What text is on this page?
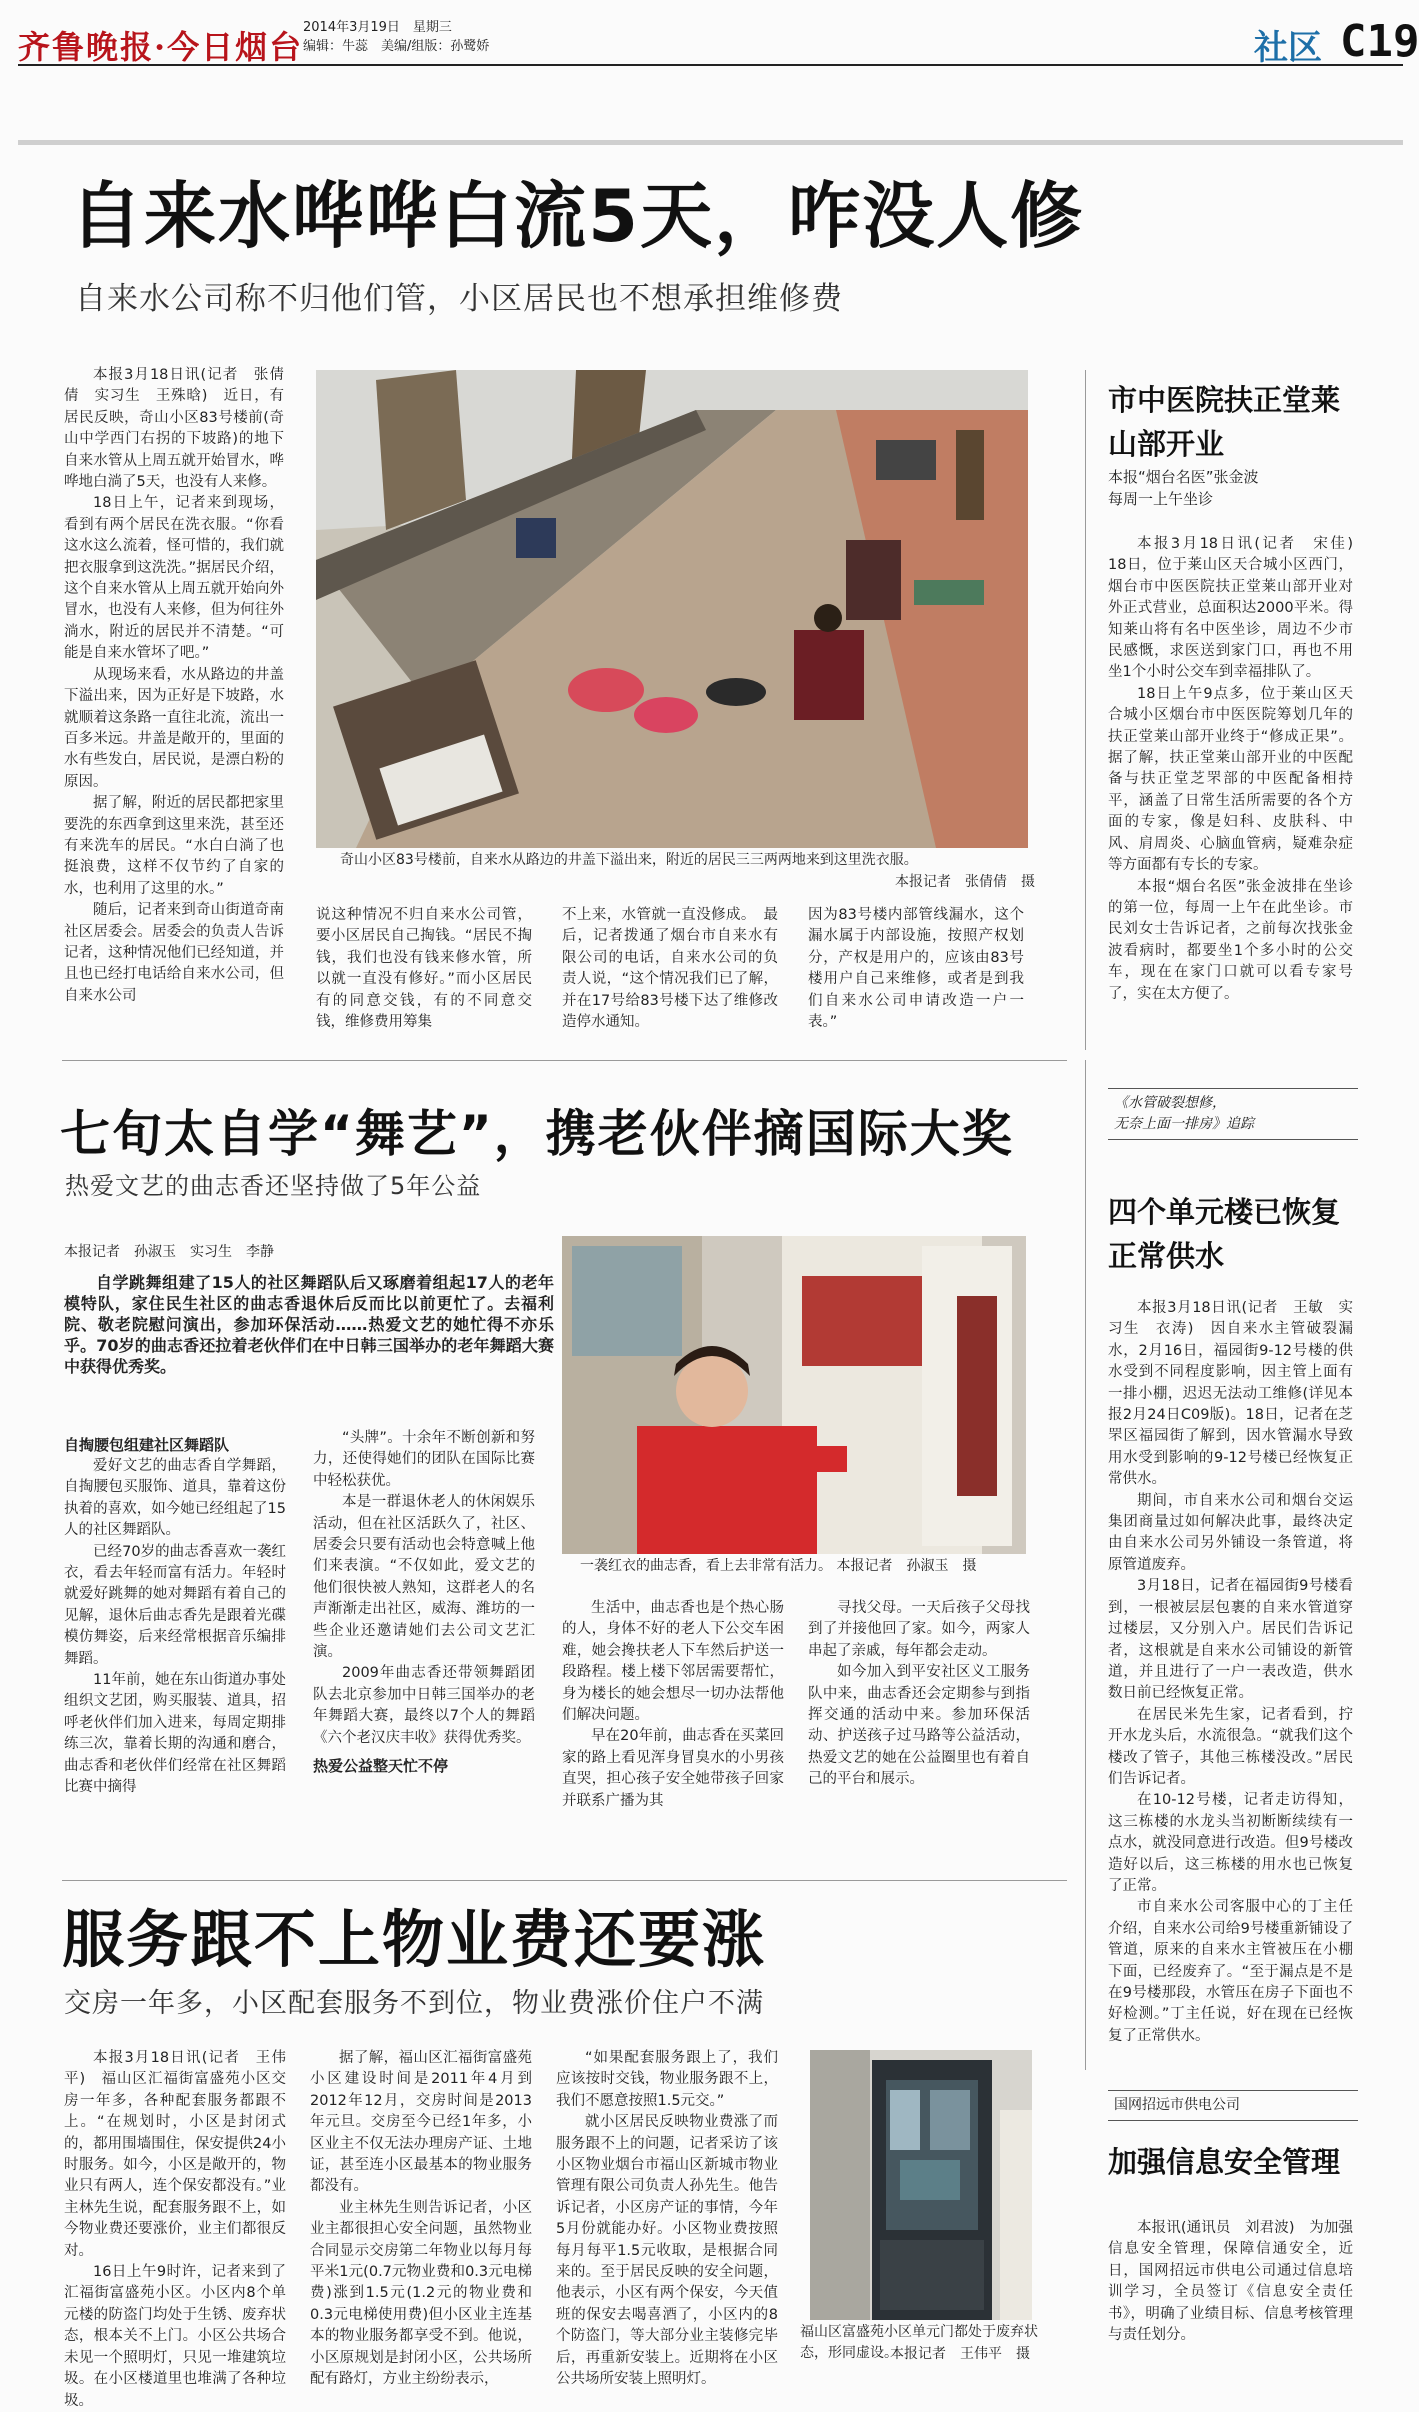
齐鲁晚报·今日烟台
2014年3月19日　星期三
编辑：牛蕊　美编/组版：孙鹭娇	社区 C19
自来水哗哗白流5天，咋没人修
自来水公司称不归他们管，小区居民也不想承担维修费

本报3月18日讯(记者　张倩倩　实习生　王殊晗)　近日，有居民反映，奇山小区83号楼前(奇山中学西门右拐的下坡路)的地下自来水管从上周五就开始冒水，哗哗地白淌了5天，也没有人来修。

18日上午，记者来到现场，看到有两个居民在洗衣服。“你看这水这么流着，怪可惜的，我们就把衣服拿到这洗洗。”据居民介绍，这个自来水管从上周五就开始向外冒水，也没有人来修，但为何往外淌水，附近的居民并不清楚。“可能是自来水管坏了吧。”

从现场来看，水从路边的井盖下溢出来，因为正好是下坡路，水就顺着这条路一直往北流，流出一百多米远。井盖是敞开的，里面的水有些发白，居民说，是漂白粉的原因。

据了解，附近的居民都把家里要洗的东西拿到这里来洗，甚至还有来洗车的居民。“水白白淌了也挺浪费，这样不仅节约了自家的水，也利用了这里的水。”

随后，记者来到奇山街道奇南社区居委会。居委会的负责人告诉记者，这种情况他们已经知道，并且也已经打电话给自来水公司，但自来水公司

奇山小区83号楼前，自来水从路边的井盖下溢出来，附近的居民三三两两地来到这里洗衣服。
本报记者　张倩倩　摄
说这种情况不归自来水公司管，要小区居民自己掏钱。“居民不掏钱，我们也没有钱来修水管，所以就一直没有修好。”而小区居民有的同意交钱，有的不同意交钱，维修费用筹集
不上来，水管就一直没修成。　最后，记者拨通了烟台市自来水有限公司的电话，自来水公司的负责人说，“这个情况我们已了解，并在17号给83号楼下达了维修改造停水通知。
因为83号楼内部管线漏水，这个漏水属于内部设施，按照产权划分，产权是用户的，应该由83号楼用户自己来维修，或者是到我们自来水公司申请改造一户一表。”
市中医院扶正堂莱山部开业
本报“烟台名医”张金波
每周一上午坐诊

本报3月18日讯(记者　宋佳)　18日，位于莱山区天合城小区西门，烟台市中医医院扶正堂莱山部开业对外正式营业，总面积达2000平米。得知莱山将有名中医坐诊，周边不少市民感慨，求医送到家门口，再也不用坐1个小时公交车到幸福排队了。

18日上午9点多，位于莱山区天合城小区烟台市中医医院筹划几年的扶正堂莱山部开业终于“修成正果”。据了解，扶正堂莱山部开业的中医配备与扶正堂芝罘部的中医配备相持平，涵盖了日常生活所需要的各个方面的专家，像是妇科、皮肤科、中风、肩周炎、心脑血管病，疑难杂症等方面都有专长的专家。

本报“烟台名医”张金波排在坐诊的第一位，每周一上午在此坐诊。市民刘女士告诉记者，之前每次找张金波看病时，都要坐1个多小时的公交车，现在在家门口就可以看专家号了，实在太方便了。

七旬太自学“舞艺”，携老伙伴摘国际大奖
热爱文艺的曲志香还坚持做了5年公益
本报记者　孙淑玉　实习生　李静

自学跳舞组建了15人的社区舞蹈队后又琢磨着组起17人的老年模特队，家住民生社区的曲志香退休后反而比以前更忙了。去福利院、敬老院慰问演出，参加环保活动……热爱文艺的她忙得不亦乐乎。70岁的曲志香还拉着老伙伴们在中日韩三国举办的老年舞蹈大赛中获得优秀奖。

自掏腰包组建社区舞蹈队

爱好文艺的曲志香自学舞蹈，自掏腰包买服饰、道具，靠着这份执着的喜欢，如今她已经组起了15人的社区舞蹈队。

已经70岁的曲志香喜欢一袭红衣，看去年轻而富有活力。年轻时就爱好跳舞的她对舞蹈有着自己的见解，退休后曲志香先是跟着光碟模仿舞姿，后来经常根据音乐编排舞蹈。

11年前，她在东山街道办事处组织文艺团，购买服装、道具，招呼老伙伴们加入进来，每周定期排练三次，靠着长期的沟通和磨合，曲志香和老伙伴们经常在社区舞蹈比赛中摘得

“头牌”。十余年不断创新和努力，还使得她们的团队在国际比赛中轻松获优。

本是一群退休老人的休闲娱乐活动，但在社区活跃久了，社区、居委会只要有活动也会特意喊上他们来表演。“不仅如此，爱文艺的他们很快被人熟知，这群老人的名声渐渐走出社区，威海、潍坊的一些企业还邀请她们去公司文艺汇演。

2009年曲志香还带领舞蹈团队去北京参加中日韩三国举办的老年舞蹈大赛，最终以7个人的舞蹈《六个老汉庆丰收》获得优秀奖。

热爱公益整天忙不停
一袭红衣的曲志香，看上去非常有活力。 本报记者　孙淑玉　摄

生活中，曲志香也是个热心肠的人，身体不好的老人下公交车困难，她会搀扶老人下车然后护送一段路程。楼上楼下邻居需要帮忙，身为楼长的她会想尽一切办法帮他们解决问题。

早在20年前，曲志香在买菜回家的路上看见浑身冒臭水的小男孩直哭，担心孩子安全她带孩子回家并联系广播为其

寻找父母。一天后孩子父母找到了并接他回了家。如今，两家人串起了亲戚，每年都会走动。

如今加入到平安社区义工服务队中来，曲志香还会定期参与到指挥交通的活动中来。参加环保活动、护送孩子过马路等公益活动，热爱文艺的她在公益圈里也有着自己的平台和展示。

《水管破裂想修，
无奈上面一排房》追踪
四个单元楼已恢复正常供水

本报3月18日讯(记者　王敏　实习生　衣涛)　因自来水主管破裂漏水，2月16日，福园街9-12号楼的供水受到不同程度影响，因主管上面有一排小棚，迟迟无法动工维修(详见本报2月24日C09版)。18日，记者在芝罘区福园街了解到，因水管漏水导致用水受到影响的9-12号楼已经恢复正常供水。

期间，市自来水公司和烟台交运集团商量过如何解决此事，最终决定由自来水公司另外铺设一条管道，将原管道废弃。

3月18日，记者在福园街9号楼看到，一根被层层包裹的自来水管道穿过楼层，又分别入户。居民们告诉记者，这根就是自来水公司铺设的新管道，并且进行了一户一表改造，供水数日前已经恢复正常。

在居民米先生家，记者看到，拧开水龙头后，水流很急。“就我们这个楼改了管子，其他三栋楼没改。”居民们告诉记者。

在10-12号楼，记者走访得知，这三栋楼的水龙头当初断断续续有一点水，就没同意进行改造。但9号楼改造好以后，这三栋楼的用水也已恢复了正常。

市自来水公司客服中心的丁主任介绍，自来水公司给9号楼重新铺设了管道，原来的自来水主管被压在小棚下面，已经废弃了。“至于漏点是不是在9号楼那段，水管压在房子下面也不好检测。”丁主任说，好在现在已经恢复了正常供水。

服务跟不上物业费还要涨
交房一年多，小区配套服务不到位，物业费涨价住户不满

本报3月18日讯(记者　王伟平)　福山区汇福街富盛苑小区交房一年多，各种配套服务都跟不上。“在规划时，小区是封闭式的，都用围墙围住，保安提供24小时服务。如今，小区是敞开的，物业只有两人，连个保安都没有。”业主林先生说，配套服务跟不上，如今物业费还要涨价，业主们都很反对。

16日上午9时许，记者来到了汇福街富盛苑小区。小区内8个单元楼的防盗门均处于生锈、废弃状态，根本关不上门。小区公共场合未见一个照明灯，只见一堆建筑垃圾。在小区楼道里也堆满了各种垃圾。

据了解，福山区汇福街富盛苑小区建设时间是2011年4月到2012年12月，交房时间是2013年元旦。交房至今已经1年多，小区业主不仅无法办理房产证、土地证，甚至连小区最基本的物业服务都没有。

业主林先生则告诉记者，小区业主都很担心安全问题，虽然物业合同显示交房第二年物业以每月每平米1元(0.7元物业费和0.3元电梯费)涨到1.5元(1.2元的物业费和0.3元电梯使用费)但小区业主连基本的物业服务都享受不到。他说，小区原规划是封闭小区，公共场所配有路灯，方业主纷纷表示，

“如果配套服务跟上了，我们应该按时交钱，物业服务跟不上，我们不愿意按照1.5元交。”

就小区居民反映物业费涨了而服务跟不上的问题，记者采访了该小区物业烟台市福山区新城市物业管理有限公司负责人孙先生。他告诉记者，小区房产证的事情，今年5月份就能办好。小区物业费按照每月每平1.5元收取，是根据合同来的。至于居民反映的安全问题，他表示，小区有两个保安，今天值班的保安去喝喜酒了，小区内的8个防盗门，等大部分业主装修完毕后，再重新安装上。近期将在小区公共场所安装上照明灯。

福山区富盛苑小区单元门都处于废弃状态，形同虚设。
本报记者　王伟平　摄
国网招远市供电公司
加强信息安全管理

本报讯(通讯员　刘君波)　为加强信息安全管理，保障信通安全，近日，国网招远市供电公司通过信息培训学习，全员签订《信息安全责任书》，明确了业绩目标、信息考核管理与责任划分。
